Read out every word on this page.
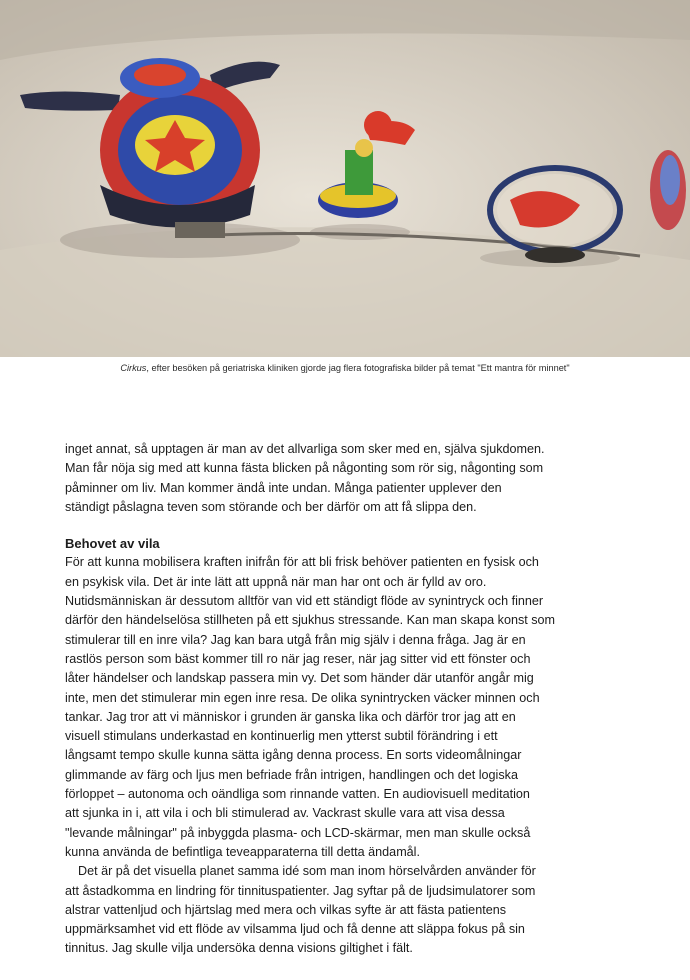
Cirkus, efter besöken på geriatriska kliniken gjorde jag flera fotografiska bilder på temat "Ett mantra för minnet"

inget annat, så upptagen är man av det allvarliga som sker med en, själva sjukdomen.

Man får nöja sig med att kunna fästa blicken på någonting som rör sig, någonting som

påminner om liv. Man kommer ändå inte undan. Många patienter upplever den

ständigt påslagna teven som störande och ber därför om att få slippa den.

Behovet av vila

För att kunna mobilisera kraften inifrån för att bli frisk behöver patienten en fysisk och

en psykisk vila. Det är inte lätt att uppnå när man har ont och är fylld av oro.

Nutidsmänniskan är dessutom alltför van vid ett ständigt flöde av synintryck och finner

därför den händelselösa stillheten på ett sjukhus stressande. Kan man skapa konst som

stimulerar till en inre vila? Jag kan bara utgå från mig själv i denna fråga. Jag är en

rastlös person som bäst kommer till ro när jag reser, när jag sitter vid ett fönster och

låter händelser och landskap passera min vy. Det som händer där utanför angår mig

inte, men det stimulerar min egen inre resa. De olika synintrycken väcker minnen och

tankar. Jag tror att vi människor i grunden är ganska lika och därför tror jag att en

visuell stimulans underkastad en kontinuerlig men ytterst subtil förändring i ett

långsamt tempo skulle kunna sätta igång denna process. En sorts videomålningar

glimmande av färg och ljus men befriade från intrigen, handlingen och det logiska

förloppet – autonoma och oändliga som rinnande vatten. En audiovisuell meditation

att sjunka in i, att vila i och bli stimulerad av. Vackrast skulle vara att visa dessa

"levande målningar" på inbyggda plasma- och LCD-skärmar, men man skulle också

kunna använda de befintliga teveapparaterna till detta ändamål.

Det är på det visuella planet samma idé som man inom hörselvården använder för

att åstadkomma en lindring för tinnituspatienter. Jag syftar på de ljudsimulatorer som

alstrar vattenljud och hjärtslag med mera och vilkas syfte är att fästa patientens

uppmärksamhet vid ett flöde av vilsamma ljud och få denne att släppa fokus på sin

tinnitus. Jag skulle vilja undersöka denna visions giltighet i fält.
